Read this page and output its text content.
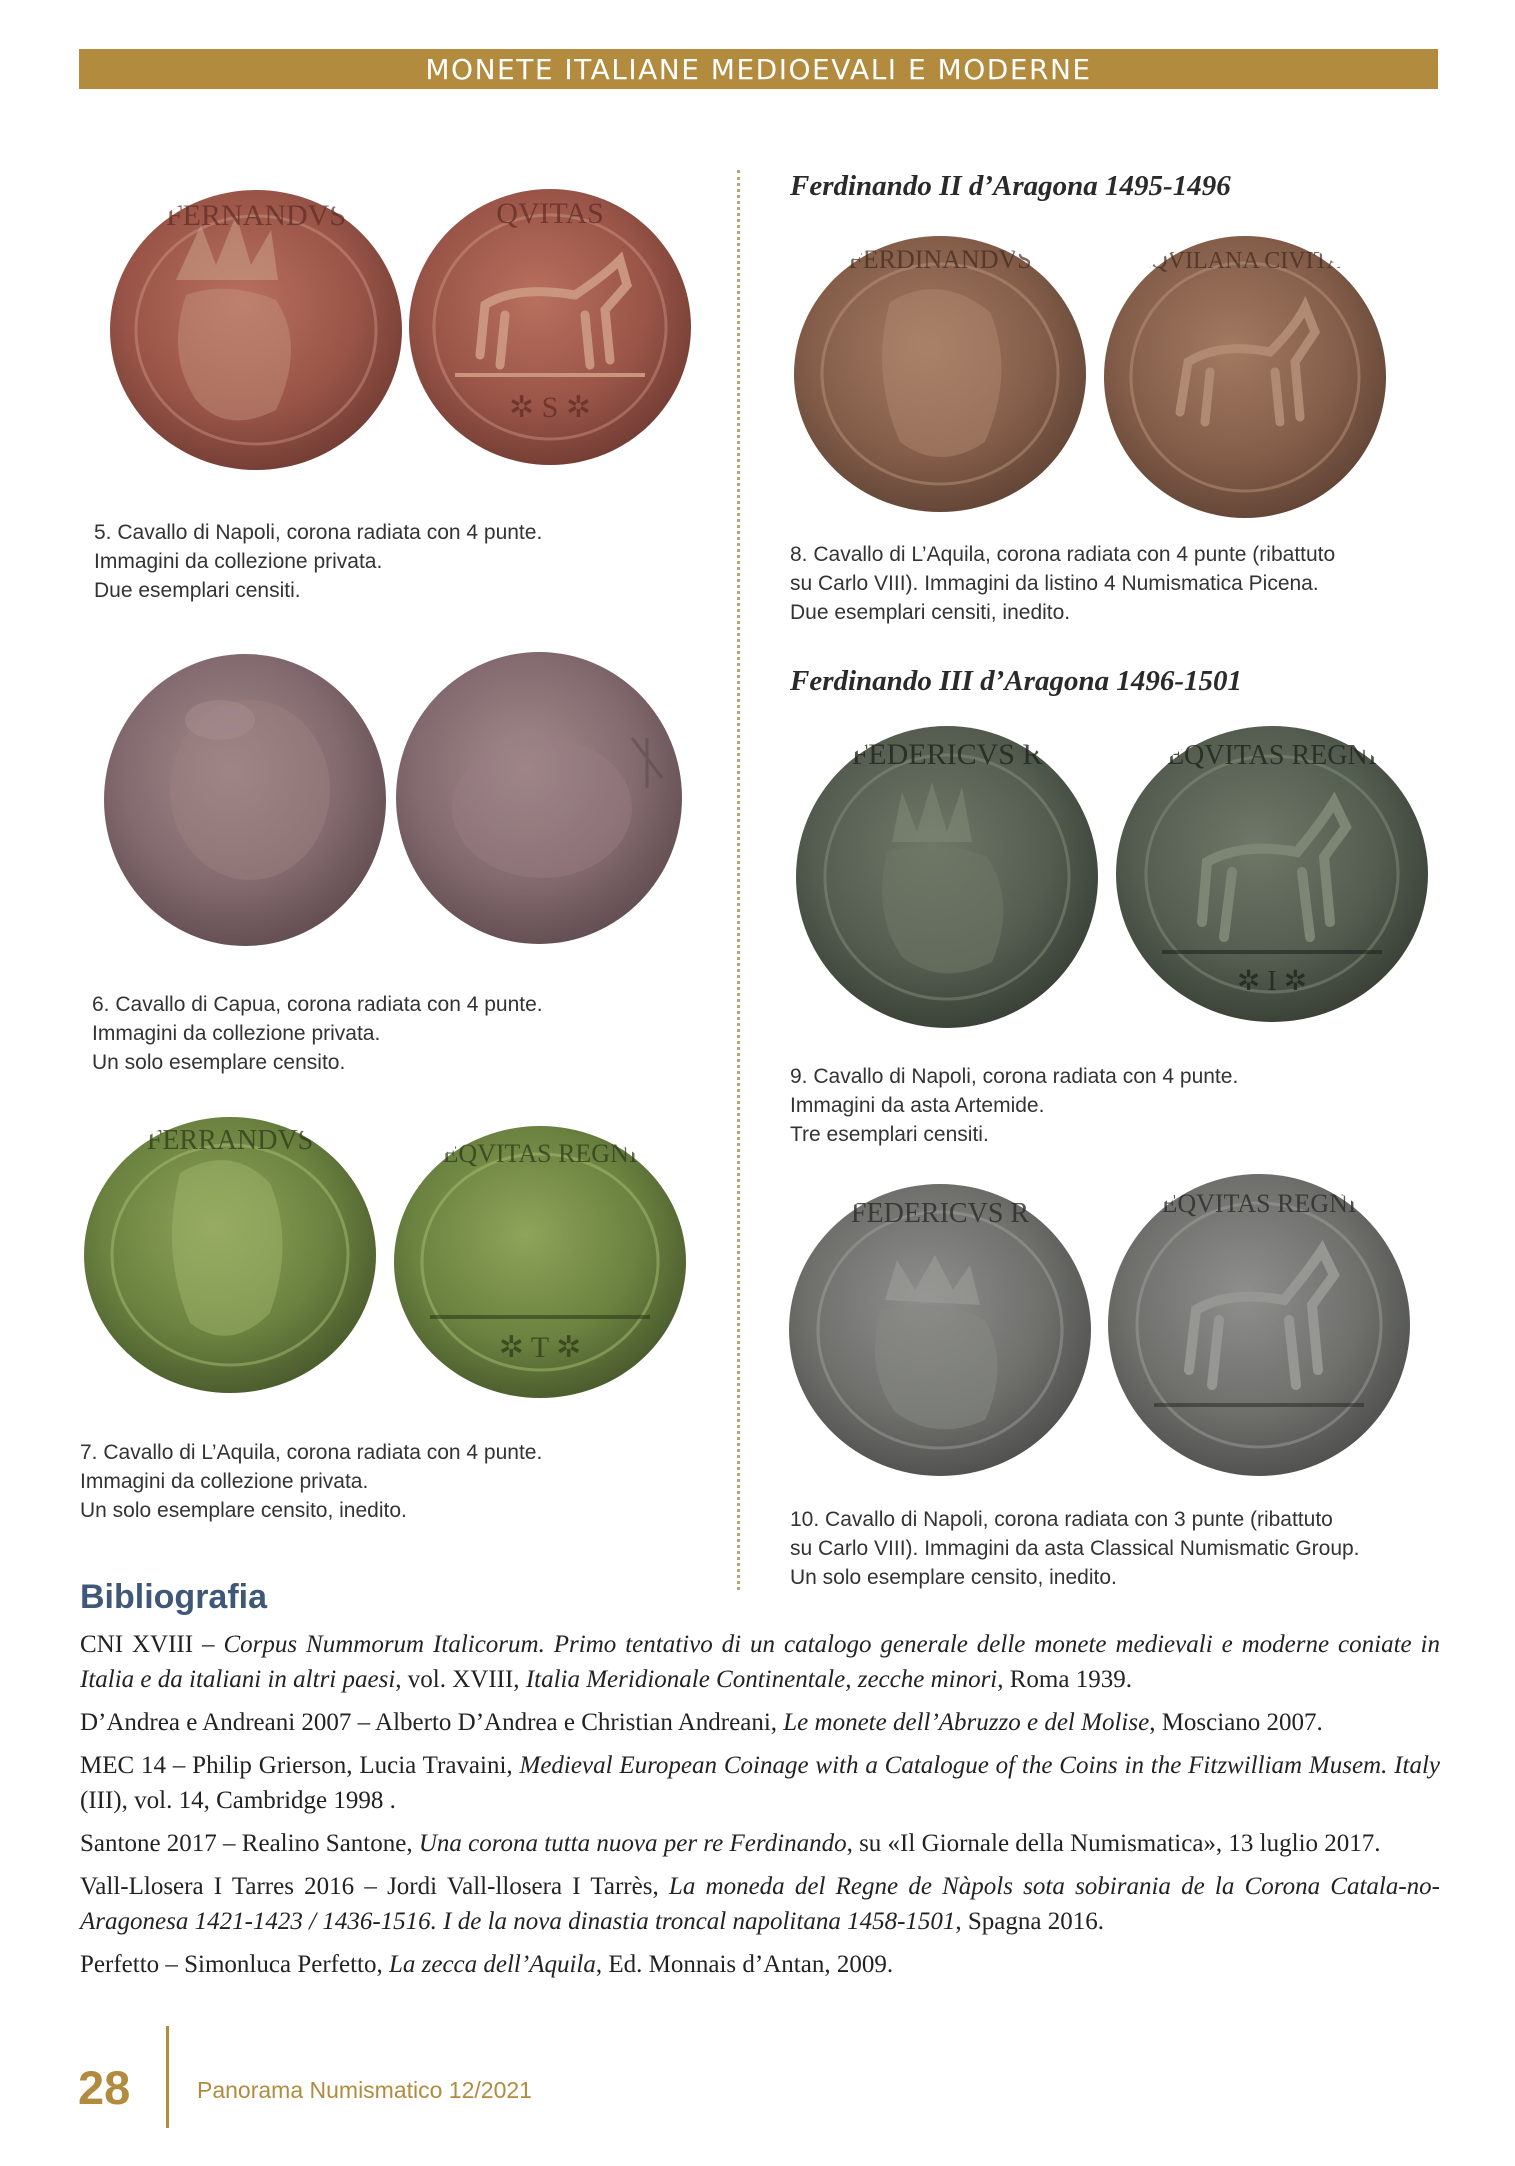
MONETE ITALIANE MEDIOEVALI E MODERNE
FERNANDVS	QVITAS
✲ S ✲
5. Cavallo di Napoli, corona radiata con 4 punte.
Immagini da collezione privata.
Due esemplari censiti.
6. Cavallo di Capua, corona radiata con 4 punte.
Immagini da collezione privata.
Un solo esemplare censito.
FERRANDVS	EQVITAS REGNI
✲ T ✲
7. Cavallo di L’Aquila, corona radiata con 4 punte.
Immagini da collezione privata.
Un solo esemplare censito, inedito.
Ferdinando II d’Aragona 1495-1496
FERDINANDVS	AQVILANA CIVITAS
8. Cavallo di L’Aquila, corona radiata con 4 punte (ribattuto
su Carlo VIII). Immagini da listino 4 Numismatica Picena.
Due esemplari censiti, inedito.
Ferdinando III d’Aragona 1496-1501
FEDERICVS R	EQVITAS REGNI
✲ I ✲
9. Cavallo di Napoli, corona radiata con 4 punte.
Immagini da asta Artemide.
Tre esemplari censiti.
FEDERICVS R	EQVITAS REGNI
10. Cavallo di Napoli, corona radiata con 3 punte (ribattuto
su Carlo VIII). Immagini da asta Classical Numismatic Group.
Un solo esemplare censito, inedito.
Bibliografia

CNI XVIII – Corpus Nummorum Italicorum. Primo tentativo di un catalogo generale delle monete medievali e moderne coniate in Italia e da italiani in altri paesi, vol. XVIII, Italia Meridionale Continentale, zecche minori, Roma 1939.

D’Andrea e Andreani 2007 – Alberto D’Andrea e Christian Andreani, Le monete dell’Abruzzo e del Molise, Mosciano 2007.

MEC 14 – Philip Grierson, Lucia Travaini, Medieval European Coinage with a Catalogue of the Coins in the Fitzwilliam Musem. Italy (III), vol. 14, Cambridge 1998 .

Santone 2017 – Realino Santone, Una corona tutta nuova per re Ferdinando, su «Il Giornale della Numismatica», 13 luglio 2017.

Vall-Llosera I Tarres 2016 – Jordi Vall-llosera I Tarrès, La moneda del Regne de Nàpols sota sobirania de la Corona Catala-no-Aragonesa 1421-1423 / 1436-1516. I de la nova dinastia troncal napolitana 1458-1501, Spagna 2016.

Perfetto – Simonluca Perfetto, La zecca dell’Aquila, Ed. Monnais d’Antan, 2009.

28	Panorama Numismatico 12/2021
